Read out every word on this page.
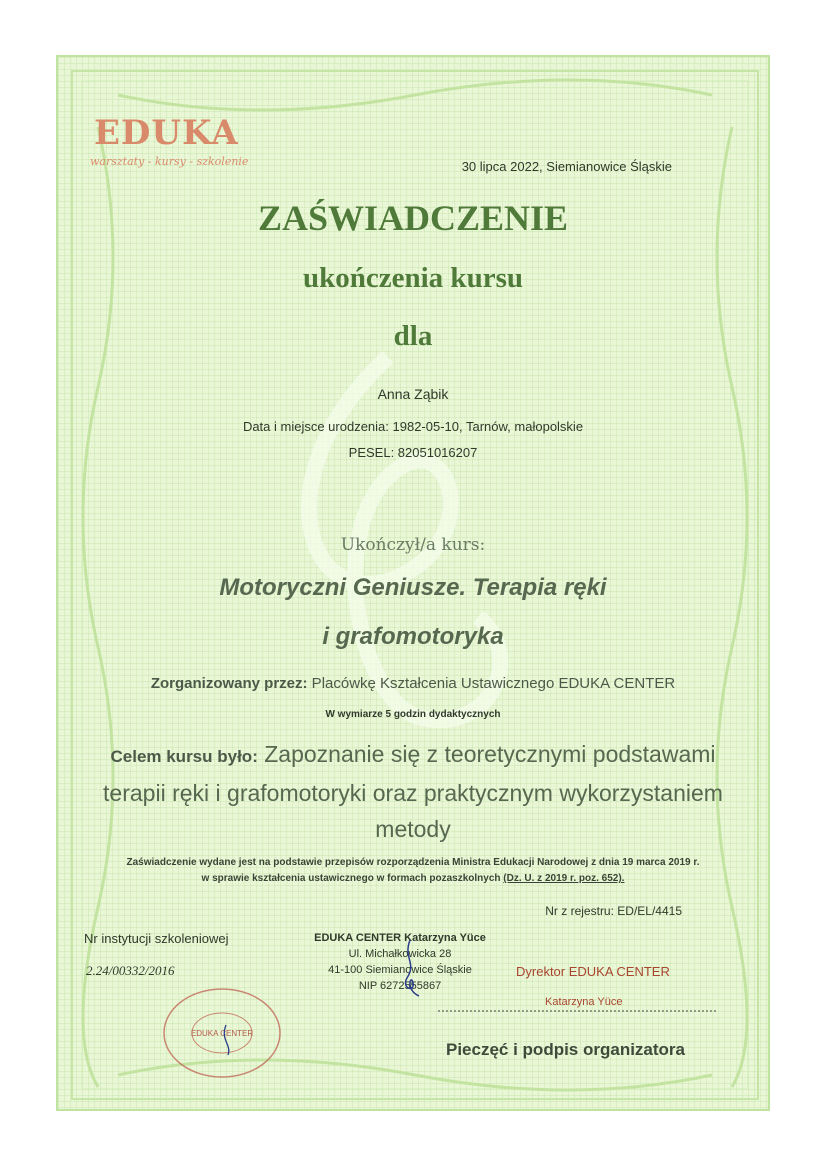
EDUKA
warsztaty - kursy - szkolenie	30 lipca 2022, Siemianowice Śląskie
ZAŚWIADCZENIE
ukończenia kursu
dla
Anna Ząbik
Data i miejsce urodzenia: 1982-05-10, Tarnów, małopolskie
PESEL: 82051016207
Ukończył/a kurs:
Motoryczni Geniusze. Terapia ręki
i grafomotoryka
Zorganizowany przez: Placówkę Kształcenia Ustawicznego EDUKA CENTER
W wymiarze 5 godzin dydaktycznych
Celem kursu było: Zapoznanie się z teoretycznymi podstawami terapii ręki i grafomotoryki oraz praktycznym wykorzystaniem metody
Zaświadczenie wydane jest na podstawie przepisów rozporządzenia Ministra Edukacji Narodowej z dnia 19 marca 2019 r.
w sprawie kształcenia ustawicznego w formach pozaszkolnych (Dz. U. z 2019 r. poz. 652).
Nr z rejestru: ED/EL/4415
Nr instytucji szkoleniowej
2.24/00332/2016
EDUKA CENTER Katarzyna Yüce
Ul. Michałkowicka 28
41-100 Siemianowice Śląskie
NIP 6272555867
Dyrektor EDUKA CENTER
Katarzyna Yüce
Pieczęć i podpis organizatora
EDUKA CENTER
